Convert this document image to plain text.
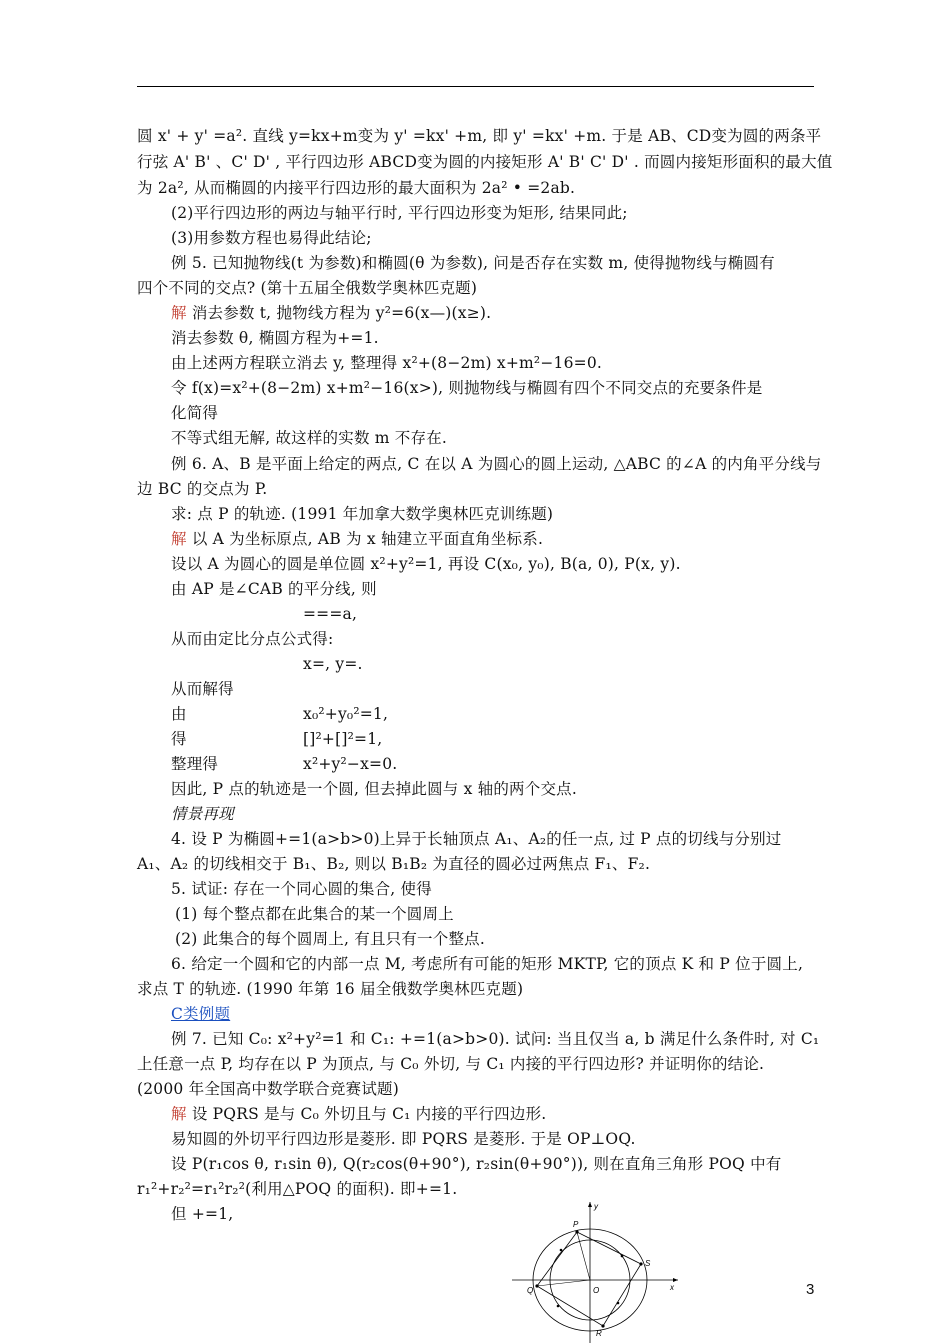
圆 x' + y' =a². 直线 y=kx+m变为 y' =kx' +m, 即 y' =kx' +m. 于是 AB、CD变为圆的两条平
行弦 A' B' 、C' D' , 平行四边形 ABCD变为圆的内接矩形 A' B' C' D' . 而圆内接矩形面积的最大值
为 2a², 从而椭圆的内接平行四边形的最大面积为 2a² • =2ab.
(2)平行四边形的两边与轴平行时, 平行四边形变为矩形, 结果同此;
(3)用参数方程也易得此结论;
例 5. 已知抛物线(t 为参数)和椭圆(θ 为参数), 问是否存在实数 m, 使得抛物线与椭圆有
四个不同的交点? (第十五届全俄数学奥林匹克题)
解 消去参数 t, 抛物线方程为 y²=6(x—)(x≥).
消去参数 θ, 椭圆方程为+=1.
由上述两方程联立消去 y, 整理得 x²+(8−2m) x+m²−16=0.
令 f(x)=x²+(8−2m) x+m²−16(x>), 则抛物线与椭圆有四个不同交点的充要条件是
化简得
不等式组无解, 故这样的实数 m 不存在.
例 6. A、B 是平面上给定的两点, C 在以 A 为圆心的圆上运动, △ABC 的∠A 的内角平分线与
边 BC 的交点为 P.
求: 点 P 的轨迹. (1991 年加拿大数学奥林匹克训练题)
解 以 A 为坐标原点, AB 为 x 轴建立平面直角坐标系.
设以 A 为圆心的圆是单位圆 x²+y²=1, 再设 C(x₀, y₀), B(a, 0), P(x, y).
由 AP 是∠CAB 的平分线, 则
===a,
从而由定比分点公式得:
x=, y=.
从而解得
由	x₀²+y₀²=1,
得	[]²+[]²=1,
整理得	x²+y²−x=0.
因此, P 点的轨迹是一个圆, 但去掉此圆与 x 轴的两个交点.
情景再现
4. 设 P 为椭圆+=1(a>b>0)上异于长轴顶点 A₁、A₂的任一点, 过 P 点的切线与分别过
A₁、A₂ 的切线相交于 B₁、B₂, 则以 B₁B₂ 为直径的圆必过两焦点 F₁、F₂.
5. 试证: 存在一个同心圆的集合, 使得
(1) 每个整点都在此集合的某一个圆周上
(2) 此集合的每个圆周上, 有且只有一个整点.
6. 给定一个圆和它的内部一点 M, 考虑所有可能的矩形 MKTP, 它的顶点 K 和 P 位于圆上,
求点 T 的轨迹. (1990 年第 16 届全俄数学奥林匹克题)
C类例题
例 7. 已知 C₀: x²+y²=1 和 C₁: +=1(a>b>0). 试问: 当且仅当 a, b 满足什么条件时, 对 C₁
上任意一点 P, 均存在以 P 为顶点, 与 C₀ 外切, 与 C₁ 内接的平行四边形? 并证明你的结论.
(2000 年全国高中数学联合竞赛试题)
解 设 PQRS 是与 C₀ 外切且与 C₁ 内接的平行四边形.
易知圆的外切平行四边形是菱形. 即 PQRS 是菱形. 于是 OP⊥OQ.
设 P(r₁cos θ, r₁sin θ), Q(r₂cos(θ+90°), r₂sin(θ+90°)), 则在直角三角形 POQ 中有
r₁²+r₂²=r₁²r₂²(利用△POQ 的面积). 即+=1.
但 +=1,	y
x
P
S
O
Q
R
3
